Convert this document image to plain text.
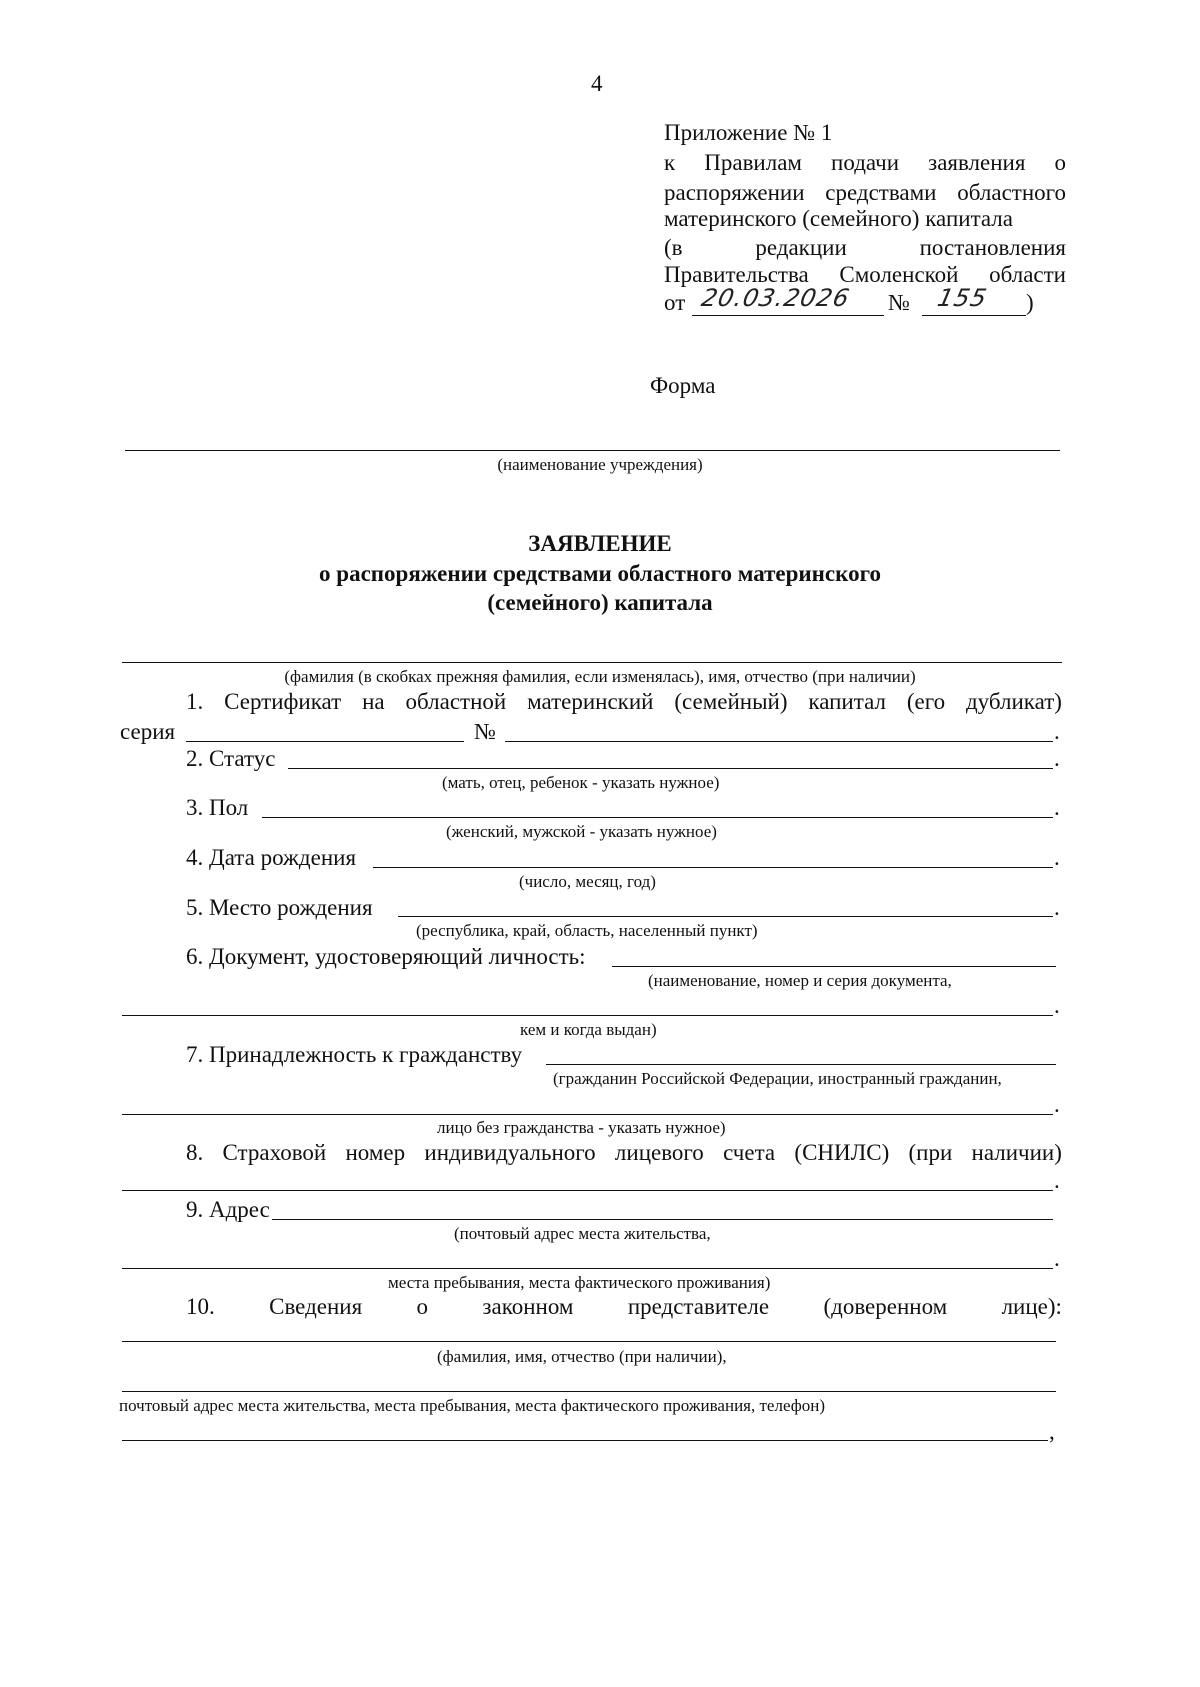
4
Приложение № 1
к Правилам подачи заявления о
распоряжении средствами областного
материнского (семейного) капитала
(в	редакции	постановления
Правительства Смоленской области
от 20.03.2026 № 155 )
Форма
(наименование учреждения)
ЗАЯВЛЕНИЕ
о распоряжении средствами областного материнского
(семейного) капитала
(фамилия (в скобках прежняя фамилия, если изменялась), имя, отчество (при наличии)
1. Сертификат на областной материнский (семейный) капитал (его дубликат)
серия	№	.
2. Статус	.
(мать, отец, ребенок - указать нужное)
3. Пол	.
(женский, мужской - указать нужное)
4. Дата рождения	.
(число, месяц, год)
5. Место рождения	.
(республика, край, область, населенный пункт)
6. Документ, удостоверяющий личность:
(наименование, номер и серия документа,
.
кем и когда выдан)
7. Принадлежность к гражданству
(гражданин Российской Федерации, иностранный гражданин,
.
лицо без гражданства - указать нужное)
8. Страховой номер индивидуального лицевого счета (СНИЛС) (при наличии)
.
9. Адрес
(почтовый адрес места жительства,
.
места пребывания, места фактического проживания)
10. Сведения о законном представителе (доверенном лице):
(фамилия, имя, отчество (при наличии),
почтовый адрес места жительства, места пребывания, места фактического проживания, телефон)
,
